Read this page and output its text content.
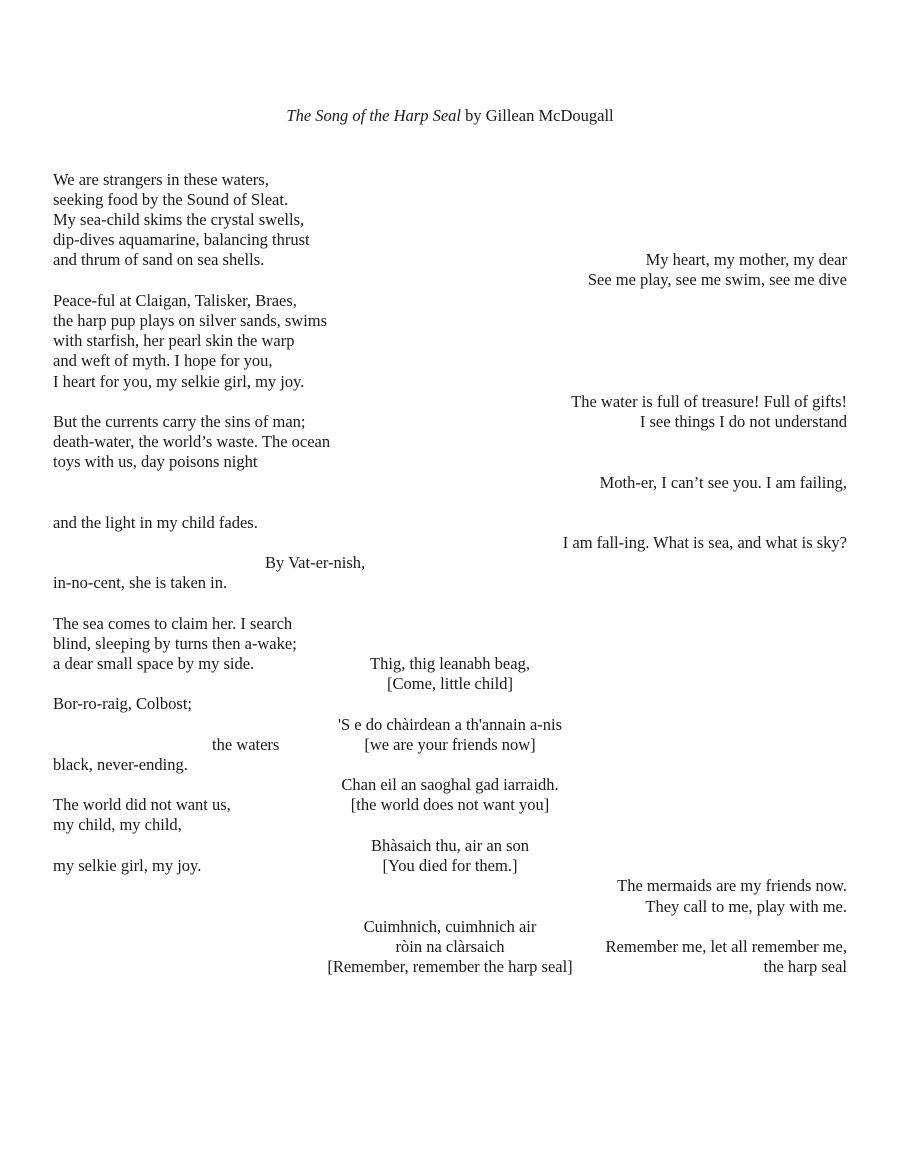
The Song of the Harp Seal by Gillean McDougall
We are strangers in these waters,
seeking food by the Sound of Sleat.
My sea-child skims the crystal swells,
dip-dives aquamarine, balancing thrust
and thrum of sand on sea shells.
Peace-ful at Claigan, Talisker, Braes,
the harp pup plays on silver sands, swims
with starfish, her pearl skin the warp
and weft of myth. I hope for you,
I heart for you, my selkie girl, my joy.
But the currents carry the sins of man;
death-water, the world’s waste. The ocean
toys with us, day poisons night
and the light in my child fades.
By Vat-er-nish,
in-no-cent, she is taken in.
The sea comes to claim her. I search
blind, sleeping by turns then a-wake;
a dear small space by my side.
Bor-ro-raig, Colbost;
the waters
black, never-ending.
The world did not want us,
my child, my child,
my selkie girl, my joy.
My heart, my mother, my dear
See me play, see me swim, see me dive
The water is full of treasure! Full of gifts!
I see things I do not understand
Moth-er, I can’t see you. I am failing,
I am fall-ing. What is sea, and what is sky?
The mermaids are my friends now.
They call to me, play with me.
Remember me, let all remember me,
the harp seal
Thig, thig leanabh beag,
[Come, little child]
'S e do chàirdean a th'annain a-nis
[we are your friends now]
Chan eil an saoghal gad iarraidh.
[the world does not want you]
Bhàsaich thu, air an son
[You died for them.]
Cuimhnich, cuimhnich air
ròin na clàrsaich
[Remember, remember the harp seal]
